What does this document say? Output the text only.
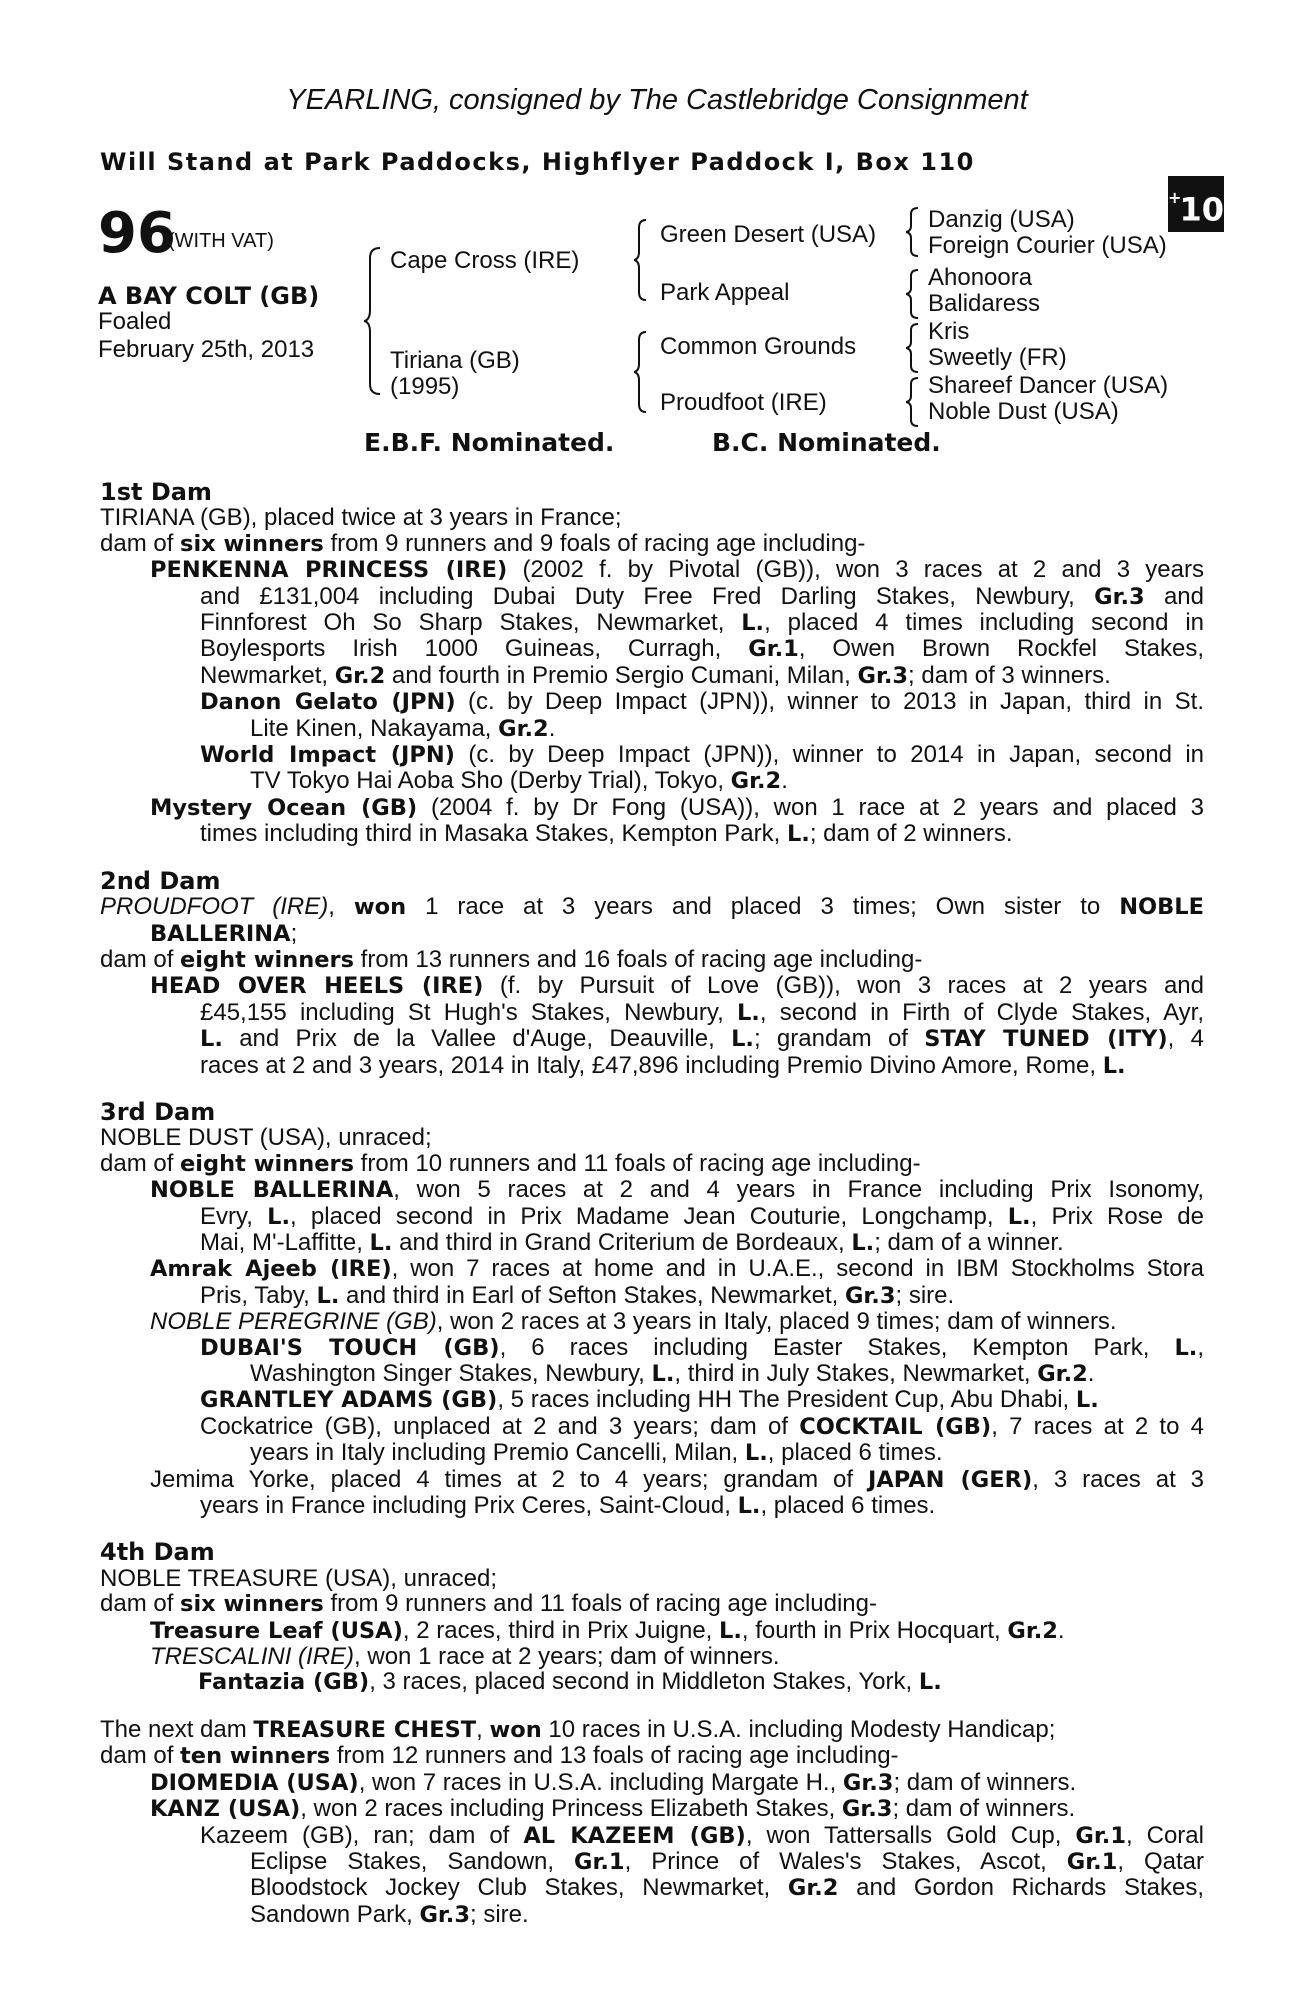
YEARLING, consigned by The Castlebridge Consignment
Will Stand at Park Paddocks, Highflyer Paddock I, Box 110
+10
96
(WITH VAT)
A BAY COLT (GB)
Foaled
February 25th, 2013
Cape Cross (IRE)
Tiriana (GB)
(1995)
Green Desert (USA)
Park Appeal
Common Grounds
Proudfoot (IRE)
Danzig (USA)
Foreign Courier (USA)
Ahonoora
Balidaress
Kris
Sweetly (FR)
Shareef Dancer (USA)
Noble Dust (USA)
E.B.F. Nominated.	B.C. Nominated.
1st Dam
TIRIANA (GB), placed twice at 3 years in France;
dam of six winners from 9 runners and 9 foals of racing age including-
PENKENNA PRINCESS (IRE) (2002 f. by Pivotal (GB)), won 3 races at 2 and 3 years
and £131,004 including Dubai Duty Free Fred Darling Stakes, Newbury, Gr.3 and
Finnforest Oh So Sharp Stakes, Newmarket, L., placed 4 times including second in
Boylesports Irish 1000 Guineas, Curragh, Gr.1, Owen Brown Rockfel Stakes,
Newmarket, Gr.2 and fourth in Premio Sergio Cumani, Milan, Gr.3; dam of 3 winners.
Danon Gelato (JPN) (c. by Deep Impact (JPN)), winner to 2013 in Japan, third in St.
Lite Kinen, Nakayama, Gr.2.
World Impact (JPN) (c. by Deep Impact (JPN)), winner to 2014 in Japan, second in
TV Tokyo Hai Aoba Sho (Derby Trial), Tokyo, Gr.2.
Mystery Ocean (GB) (2004 f. by Dr Fong (USA)), won 1 race at 2 years and placed 3
times including third in Masaka Stakes, Kempton Park, L.; dam of 2 winners.
2nd Dam
PROUDFOOT (IRE), won 1 race at 3 years and placed 3 times; Own sister to NOBLE
BALLERINA;
dam of eight winners from 13 runners and 16 foals of racing age including-
HEAD OVER HEELS (IRE) (f. by Pursuit of Love (GB)), won 3 races at 2 years and
£45,155 including St Hugh's Stakes, Newbury, L., second in Firth of Clyde Stakes, Ayr,
L. and Prix de la Vallee d'Auge, Deauville, L.; grandam of STAY TUNED (ITY), 4
races at 2 and 3 years, 2014 in Italy, £47,896 including Premio Divino Amore, Rome, L.
3rd Dam
NOBLE DUST (USA), unraced;
dam of eight winners from 10 runners and 11 foals of racing age including-
NOBLE BALLERINA, won 5 races at 2 and 4 years in France including Prix Isonomy,
Evry, L., placed second in Prix Madame Jean Couturie, Longchamp, L., Prix Rose de
Mai, M'-Laffitte, L. and third in Grand Criterium de Bordeaux, L.; dam of a winner.
Amrak Ajeeb (IRE), won 7 races at home and in U.A.E., second in IBM Stockholms Stora
Pris, Taby, L. and third in Earl of Sefton Stakes, Newmarket, Gr.3; sire.
NOBLE PEREGRINE (GB), won 2 races at 3 years in Italy, placed 9 times; dam of winners.
DUBAI'S TOUCH (GB), 6 races including Easter Stakes, Kempton Park, L.,
Washington Singer Stakes, Newbury, L., third in July Stakes, Newmarket, Gr.2.
GRANTLEY ADAMS (GB), 5 races including HH The President Cup, Abu Dhabi, L.
Cockatrice (GB), unplaced at 2 and 3 years; dam of COCKTAIL (GB), 7 races at 2 to 4
years in Italy including Premio Cancelli, Milan, L., placed 6 times.
Jemima Yorke, placed 4 times at 2 to 4 years; grandam of JAPAN (GER), 3 races at 3
years in France including Prix Ceres, Saint-Cloud, L., placed 6 times.
4th Dam
NOBLE TREASURE (USA), unraced;
dam of six winners from 9 runners and 11 foals of racing age including-
Treasure Leaf (USA), 2 races, third in Prix Juigne, L., fourth in Prix Hocquart, Gr.2.
TRESCALINI (IRE), won 1 race at 2 years; dam of winners.
Fantazia (GB), 3 races, placed second in Middleton Stakes, York, L.
The next dam TREASURE CHEST, won 10 races in U.S.A. including Modesty Handicap;
dam of ten winners from 12 runners and 13 foals of racing age including-
DIOMEDIA (USA), won 7 races in U.S.A. including Margate H., Gr.3; dam of winners.
KANZ (USA), won 2 races including Princess Elizabeth Stakes, Gr.3; dam of winners.
Kazeem (GB), ran; dam of AL KAZEEM (GB), won Tattersalls Gold Cup, Gr.1, Coral
Eclipse Stakes, Sandown, Gr.1, Prince of Wales's Stakes, Ascot, Gr.1, Qatar
Bloodstock Jockey Club Stakes, Newmarket, Gr.2 and Gordon Richards Stakes,
Sandown Park, Gr.3; sire.
